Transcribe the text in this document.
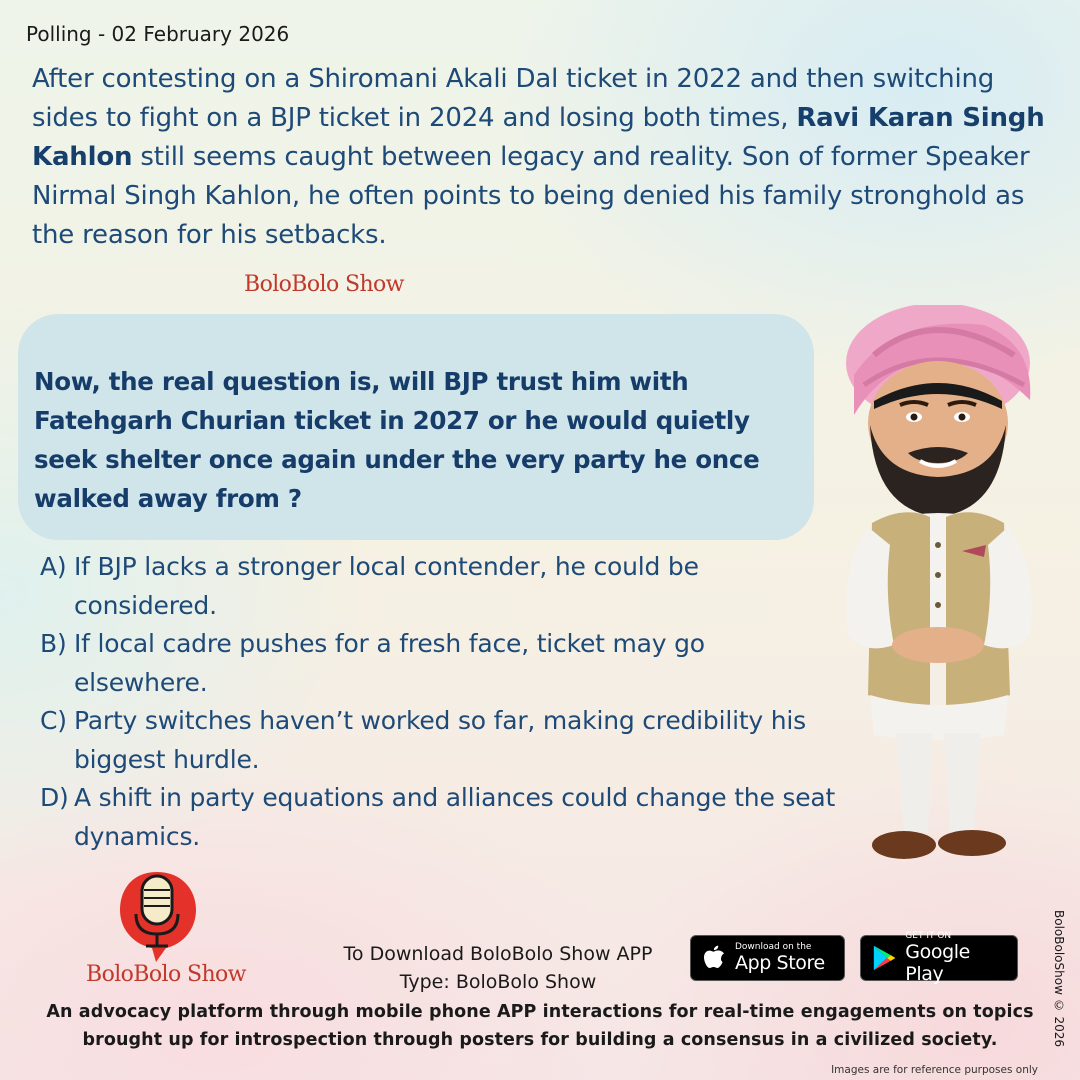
Polling - 02 February 2026
After contesting on a Shiromani Akali Dal ticket in 2022 and then switching sides to fight on a BJP ticket in 2024 and losing both times, Ravi Karan Singh Kahlon still seems caught between legacy and reality. Son of former Speaker Nirmal Singh Kahlon, he often points to being denied his family stronghold as the reason for his setbacks.
BoloBolo Show
Now, the real question is, will BJP trust him with Fatehgarh Churian ticket in 2027 or he would quietly seek shelter once again under the very party he once walked away from ?
A) If BJP lacks a stronger local contender, he could be considered.
B) If local cadre pushes for a fresh face, ticket may go elsewhere.
C) Party switches haven’t worked so far, making credibility his biggest hurdle.
D) A shift in party equations and alliances could change the seat dynamics.
BoloBolo Show
To Download BoloBolo Show APP
Type: BoloBolo Show
Download on the
App Store
GET IT ON
Google Play
An advocacy platform through mobile phone APP interactions for real-time engagements on topics brought up for introspection through posters for building a consensus in a civilized society.	BoloBoloShow © 2026
Images are for reference purposes only
